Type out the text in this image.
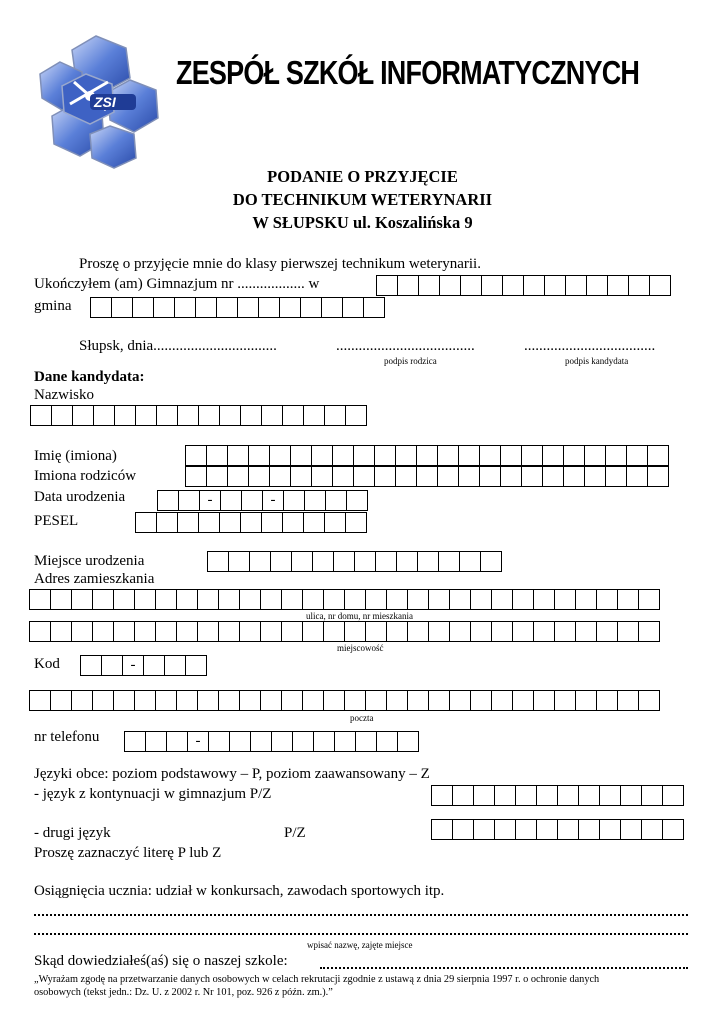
ZSI
ZESPÓŁ SZKÓŁ INFORMATYCZNYCH
PODANIE O PRZYJĘCIE
DO TECHNIKUM WETERYNARII
W SŁUPSKU ul. Koszalińska 9
Proszę o przyjęcie mnie do klasy pierwszej technikum weterynarii.
Ukończyłem (am) Gimnazjum nr .................. w
gmina
Słupsk, dnia.................................	.....................................
podpis rodzica
...................................
podpis kandydata
Dane kandydata:
Nazwisko
Imię (imiona)
Imiona rodziców
Data urodzenia	-	-
PESEL
Miejsce urodzenia
Adres zamieszkania
ulica, nr domu, nr mieszkania
miejscowość
Kod	-
poczta
nr telefonu	-
Języki obce: poziom podstawowy – P, poziom zaawansowany – Z
- język z kontynuacji w gimnazjum P/Z
- drugi język	P/Z
Proszę zaznaczyć literę P lub Z
Osiągnięcia ucznia: udział w konkursach, zawodach sportowych itp.
wpisać nazwę, zajęte miejsce
Skąd dowiedziałeś(aś) się o naszej szkole:
„Wyrażam zgodę na przetwarzanie danych osobowych w celach rekrutacji zgodnie z ustawą z dnia 29 sierpnia 1997 r. o ochronie danych
osobowych (tekst jedn.: Dz. U. z 2002 r. Nr 101, poz. 926 z późn. zm.).”
